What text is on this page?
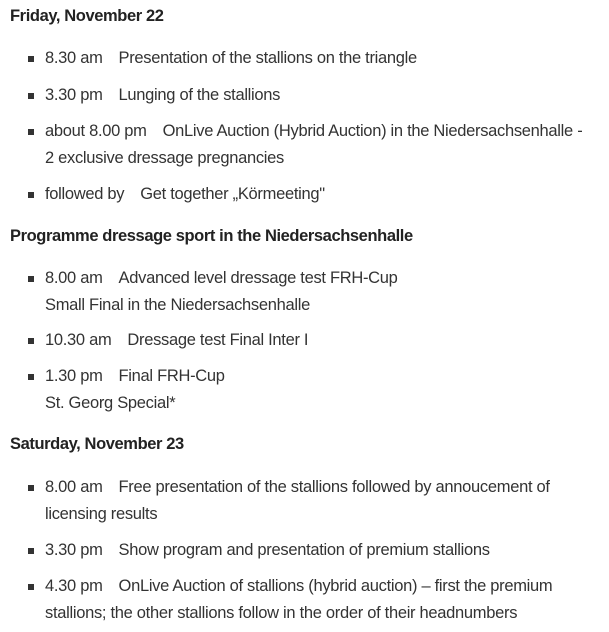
Friday, November 22
8.30 am Presentation of the stallions on the triangle
3.30 pm Lunging of the stallions
about 8.00 pm OnLive Auction (Hybrid Auction) in the Niedersachsenhalle -
2 exclusive dressage pregnancies
followed by Get together „Körmeeting"
Programme dressage sport in the Niedersachsenhalle
8.00 am Advanced level dressage test FRH-Cup
Small Final in the Niedersachsenhalle
10.30 am Dressage test Final Inter I
1.30 pm Final FRH-Cup
St. Georg Special*
Saturday, November 23
8.00 am Free presentation of the stallions followed by annoucement of
licensing results
3.30 pm Show program and presentation of premium stallions
4.30 pm OnLive Auction of stallions (hybrid auction) – first the premium
stallions; the other stallions follow in the order of their headnumbers
